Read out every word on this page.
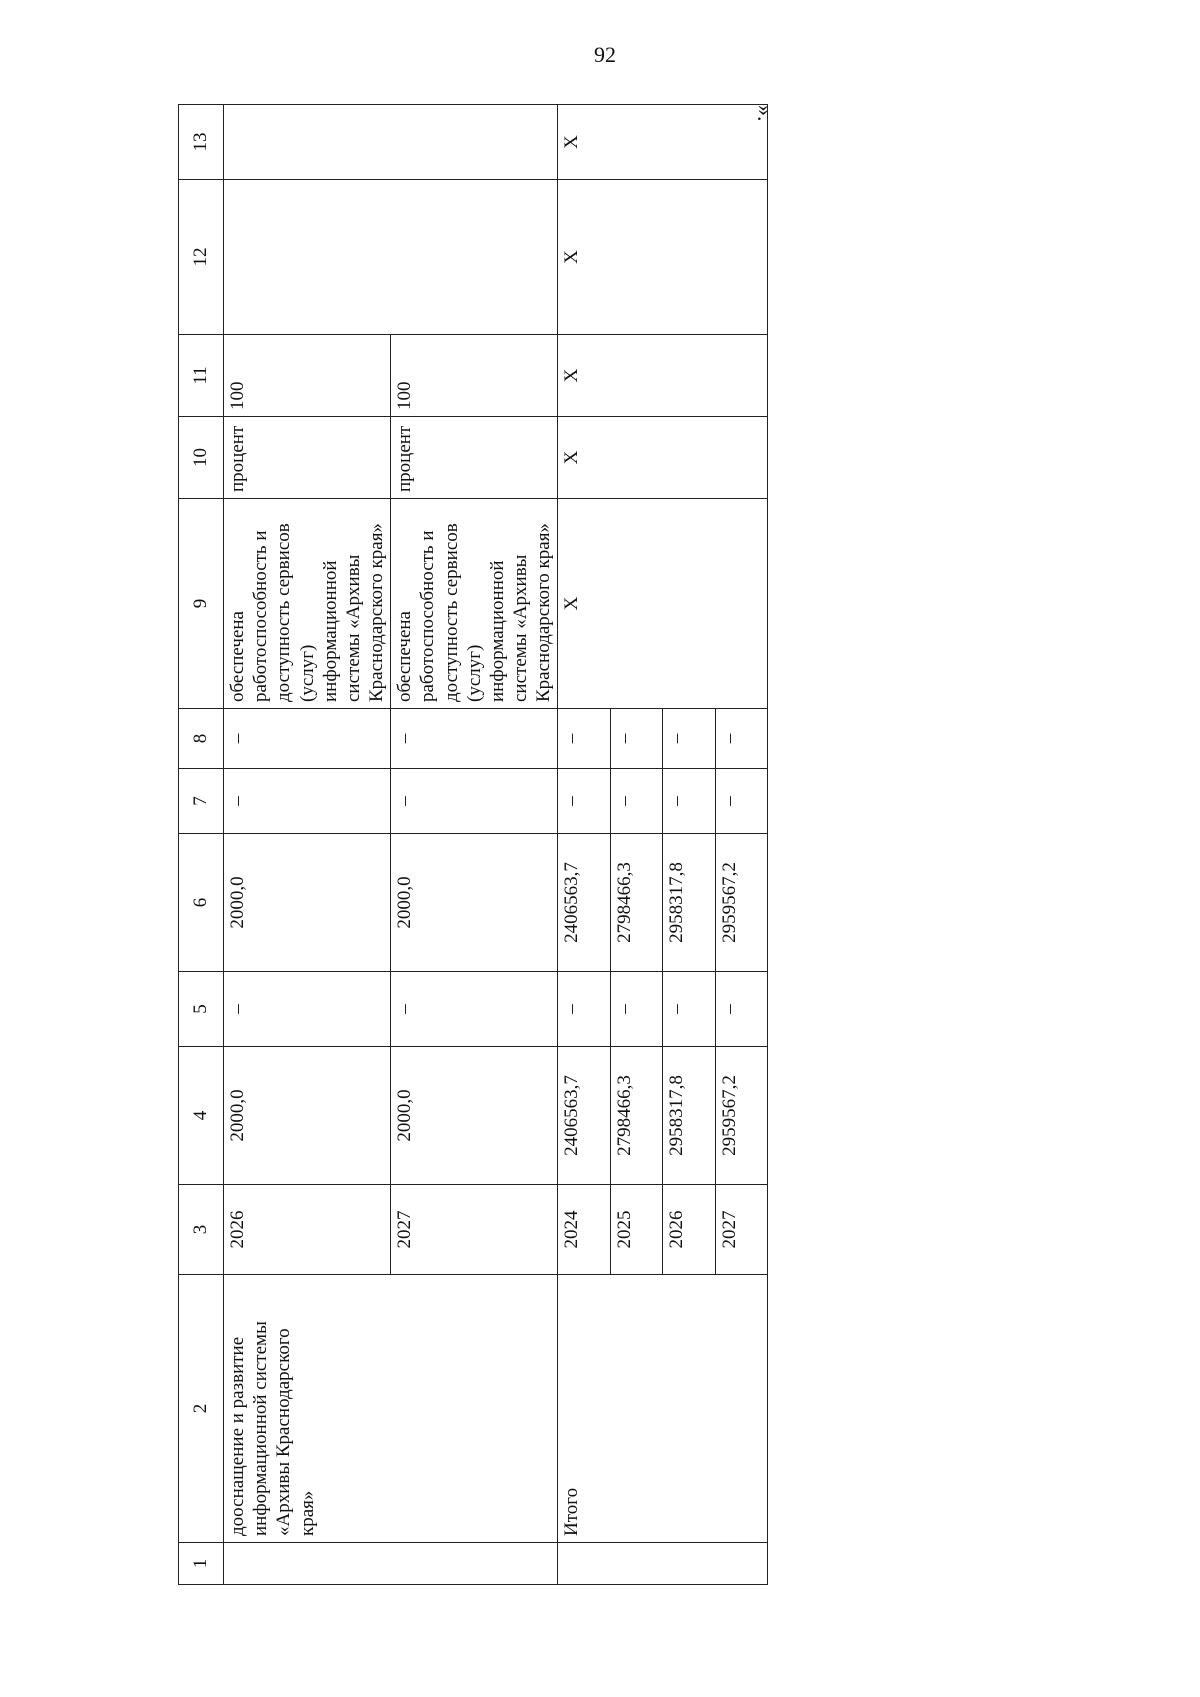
92
».
1	2	3	4	5	6	7	8	9	10	11	12	13
	дооснащение и развитие информационной системы «Архивы Краснодарского края»	2026	2000,0	–	2000,0	–	–	обеспечена работоспособность и доступность сервисов (услуг) информационной системы «Архивы Краснодарского края»	процент	100		
		2027	2000,0	–	2000,0	–	–	обеспечена работоспособность и доступность сервисов (услуг) информационной системы «Архивы Краснодарского края»	процент	100		
	Итого	2024	2406563,7	–	2406563,7	–	–	Х	Х	Х	Х	Х
		2025	2798466,3	–	2798466,3	–	–					
		2026	2958317,8	–	2958317,8	–	–					
		2027	2959567,2	–	2959567,2	–	–					
